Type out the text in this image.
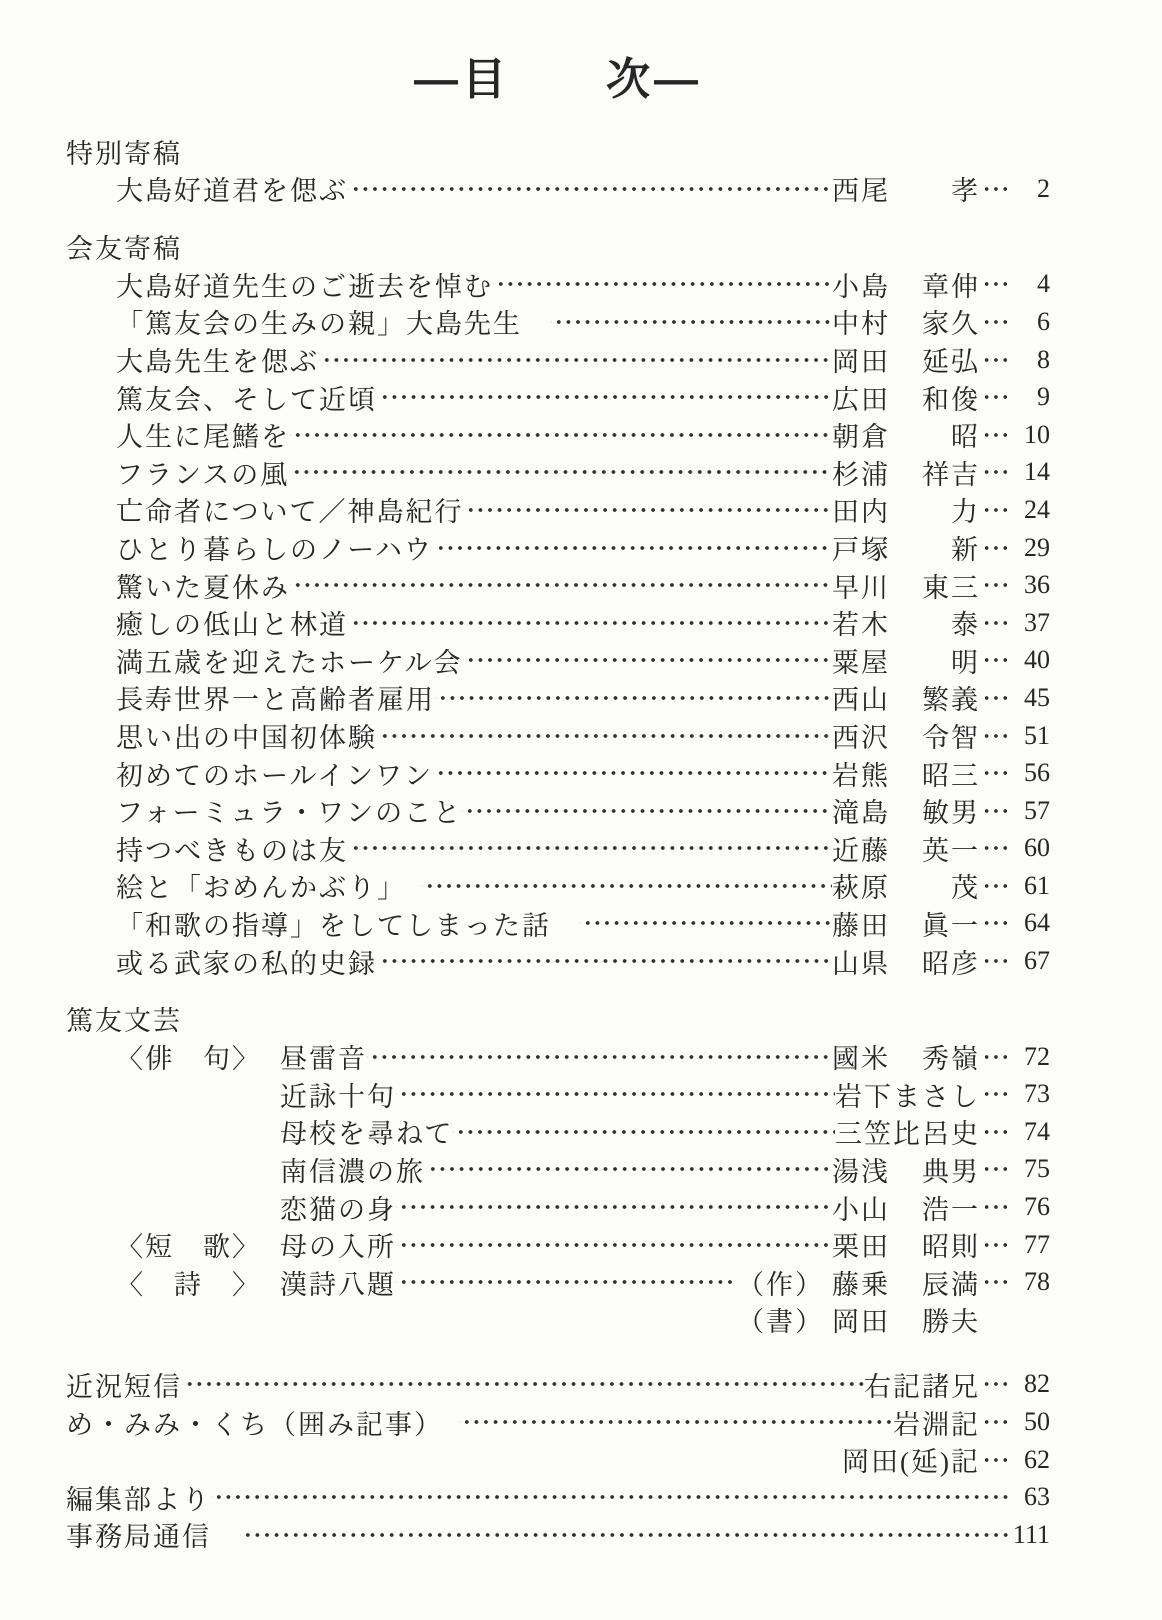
—目　　次—
特別寄稿
大島好道君を偲ぶ	西尾 孝	2
会友寄稿
大島好道先生のご逝去を悼む	小島 章伸	4
「篤友会の生みの親」大島先生　	中村 家久	6
大島先生を偲ぶ	岡田 延弘	8
篤友会、そして近頃	広田 和俊	9
人生に尾鰭を	朝倉 昭	10
フランスの風	杉浦 祥吉	14
亡命者について／神島紀行	田内 力	24
ひとり暮らしのノーハウ	戸塚 新	29
驚いた夏休み	早川 東三	36
癒しの低山と林道	若木 泰	37
満五歳を迎えたホーケル会	粟屋 明	40
長寿世界一と高齢者雇用	西山 繁義	45
思い出の中国初体験	西沢 令智	51
初めてのホールインワン	岩熊 昭三	56
フォーミュラ・ワンのこと	滝島 敏男	57
持つべきものは友	近藤 英一	60
絵と「おめんかぶり」　	萩原 茂	61
「和歌の指導」をしてしまった話　	藤田 眞一	64
或る武家の私的史録	山県 昭彦	67
篤友文芸
〈俳　句〉 昼雷音	國米 秀嶺	72
近詠十句	岩下まさし	73
母校を尋ねて	三笠比呂史	74
南信濃の旅	湯浅 典男	75
恋猫の身	小山 浩一	76
〈短　歌〉 母の入所	栗田 昭則	77
〈　詩　〉 漢詩八題	（作） 藤乗 辰満	78
（書） 岡田 勝夫
近況短信	右記諸兄	82
め・みみ・くち（囲み記事）　	岩淵記	50
岡田(延)記	62
編集部より	63
事務局通信　	111
